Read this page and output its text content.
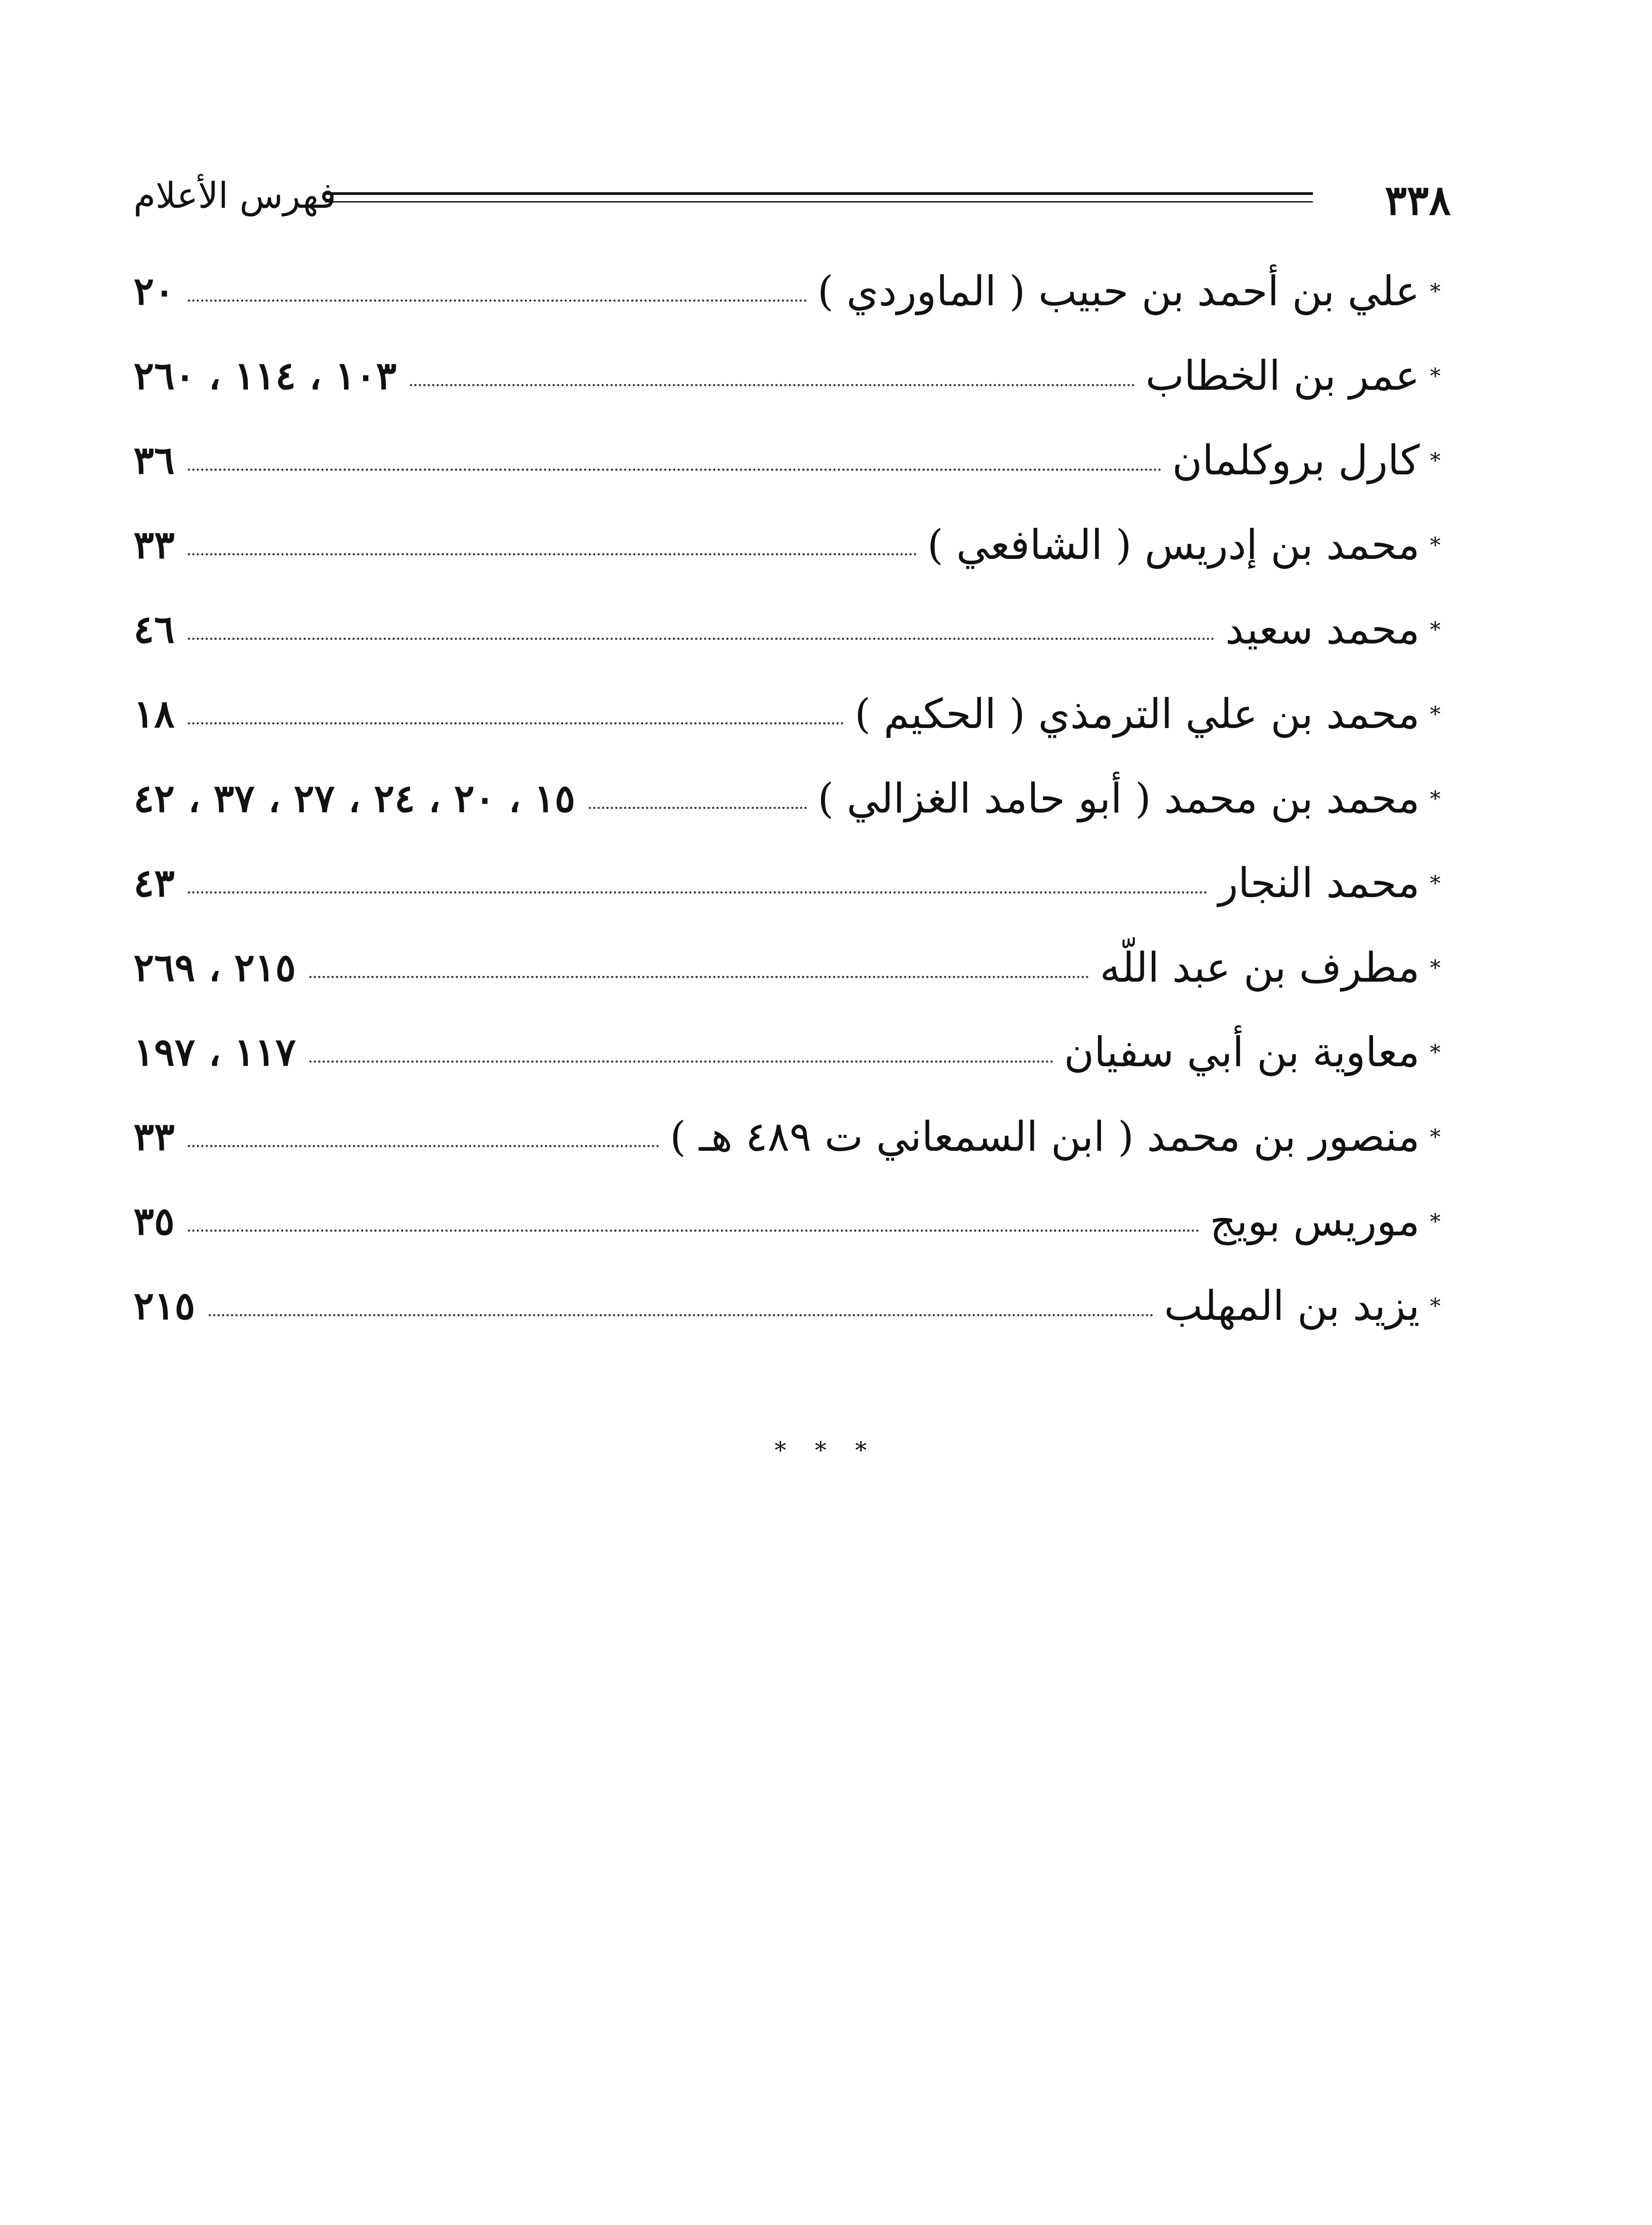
٣٣٨
فهرس الأعلام
*
علي بن أحمد بن حبيب ( الماوردي )
٢٠
*
عمر بن الخطاب
١٠٣ ، ١١٤ ، ٢٦٠
*
كارل بروكلمان
٣٦
*
محمد بن إدريس ( الشافعي )
٣٣
*
محمد سعيد
٤٦
*
محمد بن علي الترمذي ( الحكيم )
١٨
*
محمد بن محمد ( أبو حامد الغزالي )
١٥ ، ٢٠ ، ٢٤ ، ٢٧ ، ٣٧ ، ٤٢
*
محمد النجار
٤٣
*
مطرف بن عبد اللّه
٢١٥ ، ٢٦٩
*
معاوية بن أبي سفيان
١١٧ ، ١٩٧
*
منصور بن محمد ( ابن السمعاني ت ٤٨٩ هـ )
٣٣
*
موريس بويج
٣٥
*
يزيد بن المهلب
٢١٥
* * *
